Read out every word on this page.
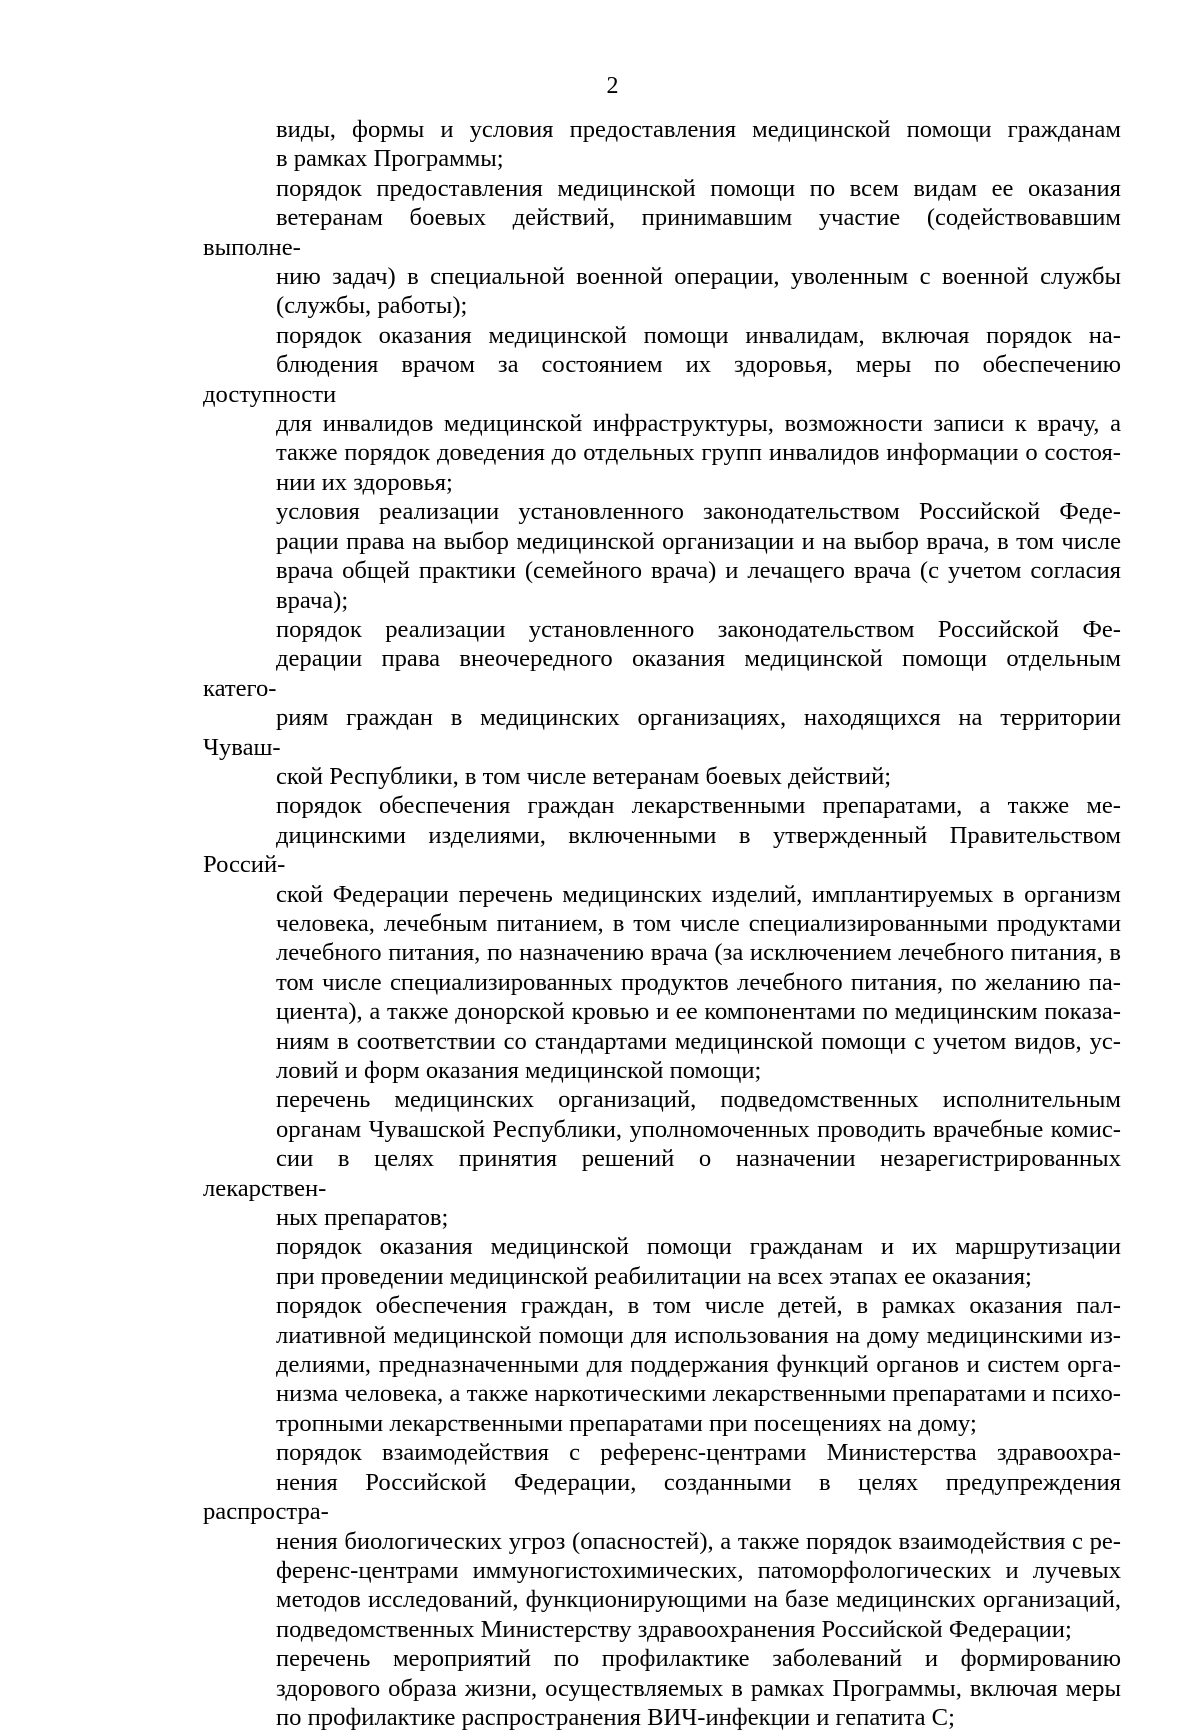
2

виды, формы и условия предоставления медицинской помощи гражданам
в рамках Программы;

порядок предоставления медицинской помощи по всем видам ее оказания
ветеранам боевых действий, принимавшим участие (содействовавшим выполне-
нию задач) в специальной военной операции, уволенным с военной службы
(службы, работы);

порядок оказания медицинской помощи инвалидам, включая порядок на-
блюдения врачом за состоянием их здоровья, меры по обеспечению доступности
для инвалидов медицинской инфраструктуры, возможности записи к врачу, а
также порядок доведения до отдельных групп инвалидов информации о состоя-
нии их здоровья;

условия реализации установленного законодательством Российской Феде-
рации права на выбор медицинской организации и на выбор врача, в том числе
врача общей практики (семейного врача) и лечащего врача (с учетом согласия
врача);

порядок реализации установленного законодательством Российской Фе-
дерации права внеочередного оказания медицинской помощи отдельным катего-
риям граждан в медицинских организациях, находящихся на территории Чуваш-
ской Республики, в том числе ветеранам боевых действий;

порядок обеспечения граждан лекарственными препаратами, а также ме-
дицинскими изделиями, включенными в утвержденный Правительством Россий-
ской Федерации перечень медицинских изделий, имплантируемых в организм
человека, лечебным питанием, в том числе специализированными продуктами
лечебного питания, по назначению врача (за исключением лечебного питания, в
том числе специализированных продуктов лечебного питания, по желанию па-
циента), а также донорской кровью и ее компонентами по медицинским показа-
ниям в соответствии со стандартами медицинской помощи с учетом видов, ус-
ловий и форм оказания медицинской помощи;

перечень медицинских организаций, подведомственных исполнительным
органам Чувашской Республики, уполномоченных проводить врачебные комис-
сии в целях принятия решений о назначении незарегистрированных лекарствен-
ных препаратов;

порядок оказания медицинской помощи гражданам и их маршрутизации
при проведении медицинской реабилитации на всех этапах ее оказания;

порядок обеспечения граждан, в том числе детей, в рамках оказания пал-
лиативной медицинской помощи для использования на дому медицинскими из-
делиями, предназначенными для поддержания функций органов и систем орга-
низма человека, а также наркотическими лекарственными препаратами и психо-
тропными лекарственными препаратами при посещениях на дому;

порядок взаимодействия с референс-центрами Министерства здравоохра-
нения Российской Федерации, созданными в целях предупреждения распростра-
нения биологических угроз (опасностей), а также порядок взаимодействия с ре-
ференс-центрами иммуногистохимических, патоморфологических и лучевых
методов исследований, функционирующими на базе медицинских организаций,
подведомственных Министерству здравоохранения Российской Федерации;

перечень мероприятий по профилактике заболеваний и формированию
здорового образа жизни, осуществляемых в рамках Программы, включая меры
по профилактике распространения ВИЧ-инфекции и гепатита С;
